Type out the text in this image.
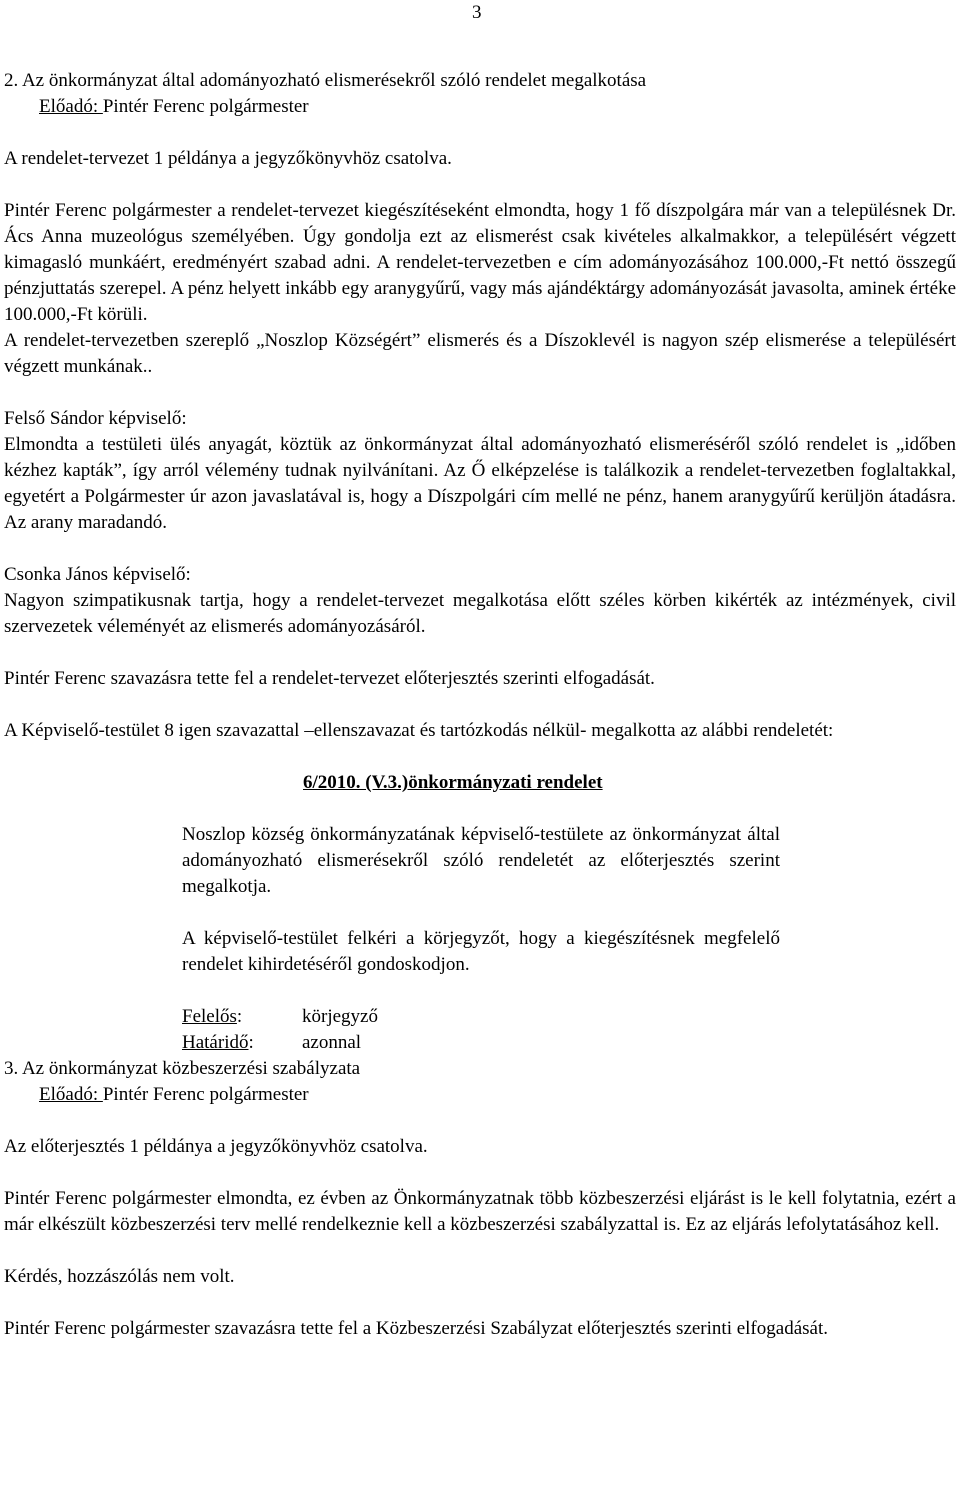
3

2. Az önkormányzat által adományozható elismerésekről szóló rendelet megalkotása

Előadó: Pintér Ferenc polgármester

A rendelet-tervezet 1 példánya a jegyzőkönyvhöz csatolva.

Pintér Ferenc polgármester a rendelet-tervezet kiegészítéseként elmondta, hogy 1 fő díszpolgára már van a településnek Dr. Ács Anna muzeológus személyében. Úgy gondolja ezt az elismerést csak kivételes alkalmakkor, a településért végzett kimagasló munkáért, eredményért szabad adni. A rendelet-tervezetben e cím adományozásához 100.000,-Ft nettó összegű pénzjuttatás szerepel. A pénz helyett inkább egy aranygyűrű, vagy más ajándéktárgy adományozását javasolta, aminek értéke 100.000,-Ft körüli.

A rendelet-tervezetben szereplő „Noszlop Községért” elismerés és a Díszoklevél is nagyon szép elismerése a településért végzett munkának..

Felső Sándor képviselő:

Elmondta a testületi ülés anyagát, köztük az önkormányzat által adományozható elismeréséről szóló rendelet is „időben kézhez kapták”, így arról vélemény tudnak nyilvánítani. Az Ő elképzelése is találkozik a rendelet-tervezetben foglaltakkal, egyetért a Polgármester úr azon javaslatával is, hogy a Díszpolgári cím mellé ne pénz, hanem aranygyűrű kerüljön átadásra. Az arany maradandó.

Csonka János képviselő:

Nagyon szimpatikusnak tartja, hogy a rendelet-tervezet megalkotása előtt széles körben kikérték az intézmények, civil szervezetek véleményét az elismerés adományozásáról.

Pintér Ferenc szavazásra tette fel a rendelet-tervezet előterjesztés szerinti elfogadását.

A Képviselő-testület 8 igen szavazattal –ellenszavazat és tartózkodás nélkül- megalkotta az alábbi rendeletét:

6/2010. (V.3.)önkormányzati rendelet

Noszlop község önkormányzatának képviselő-testülete az önkormányzat által adományozható elismerésekről szóló rendeletét az előterjesztés szerint megalkotja.

A képviselő-testület felkéri a körjegyzőt, hogy a kiegészítésnek megfelelő rendelet kihirdetéséről gondoskodjon.

Felelős:	körjegyző
Határidő:	azonnal

3. Az önkormányzat közbeszerzési szabályzata

Előadó: Pintér Ferenc polgármester

Az előterjesztés 1 példánya a jegyzőkönyvhöz csatolva.

Pintér Ferenc polgármester elmondta, ez évben az Önkormányzatnak több közbeszerzési eljárást is le kell folytatnia, ezért a már elkészült közbeszerzési terv mellé rendelkeznie kell a közbeszerzési szabályzattal is. Ez az eljárás lefolytatásához kell.

Kérdés, hozzászólás nem volt.

Pintér Ferenc polgármester szavazásra tette fel a Közbeszerzési Szabályzat előterjesztés szerinti elfogadását.
